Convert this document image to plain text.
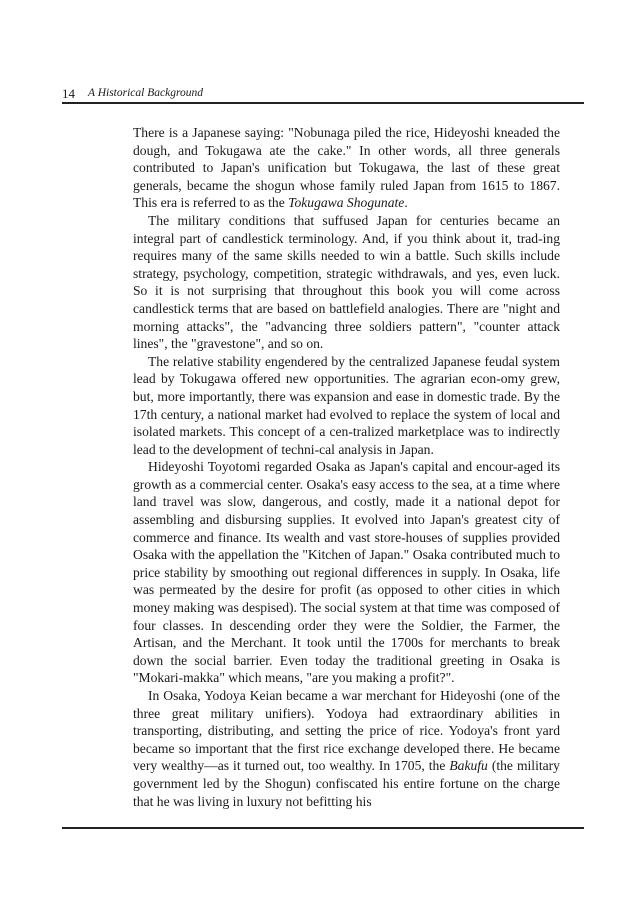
14 A Historical Background

There is a Japanese saying: "Nobunaga piled the rice, Hideyoshi kneaded the dough, and Tokugawa ate the cake." In other words, all three generals contributed to Japan's unification but Tokugawa, the last of these great generals, became the shogun whose family ruled Japan from 1615 to 1867. This era is referred to as the Tokugawa Shogunate.

The military conditions that suffused Japan for centuries became an integral part of candlestick terminology. And, if you think about it, trad-ing requires many of the same skills needed to win a battle. Such skills include strategy, psychology, competition, strategic withdrawals, and yes, even luck. So it is not surprising that throughout this book you will come across candlestick terms that are based on battlefield analogies. There are "night and morning attacks", the "advancing three soldiers pattern", "counter attack lines", the "gravestone", and so on.

The relative stability engendered by the centralized Japanese feudal system lead by Tokugawa offered new opportunities. The agrarian econ-omy grew, but, more importantly, there was expansion and ease in domestic trade. By the 17th century, a national market had evolved to replace the system of local and isolated markets. This concept of a cen-tralized marketplace was to indirectly lead to the development of techni-cal analysis in Japan.

Hideyoshi Toyotomi regarded Osaka as Japan's capital and encour-aged its growth as a commercial center. Osaka's easy access to the sea, at a time where land travel was slow, dangerous, and costly, made it a national depot for assembling and disbursing supplies. It evolved into Japan's greatest city of commerce and finance. Its wealth and vast store-houses of supplies provided Osaka with the appellation the "Kitchen of Japan." Osaka contributed much to price stability by smoothing out regional differences in supply. In Osaka, life was permeated by the desire for profit (as opposed to other cities in which money making was despised). The social system at that time was composed of four classes. In descending order they were the Soldier, the Farmer, the Artisan, and the Merchant. It took until the 1700s for merchants to break down the social barrier. Even today the traditional greeting in Osaka is "Mokari-makka" which means, "are you making a profit?".

In Osaka, Yodoya Keian became a war merchant for Hideyoshi (one of the three great military unifiers). Yodoya had extraordinary abilities in transporting, distributing, and setting the price of rice. Yodoya's front yard became so important that the first rice exchange developed there. He became very wealthy—as it turned out, too wealthy. In 1705, the Bakufu (the military government led by the Shogun) confiscated his entire fortune on the charge that he was living in luxury not befitting his
